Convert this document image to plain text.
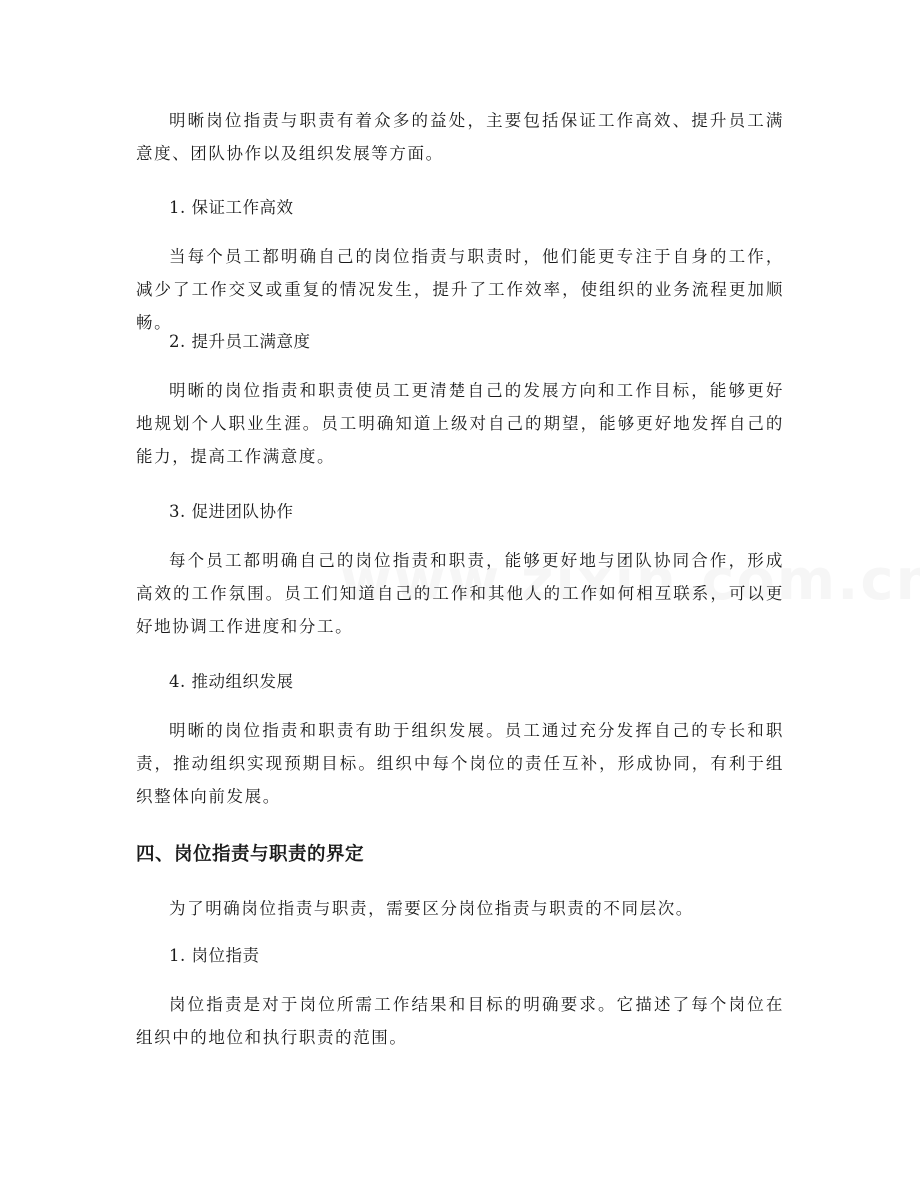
明晰岗位指责与职责有着众多的益处，主要包括保证工作高效、提升员工满意度、团队协作以及组织发展等方面。

1. 保证工作高效

当每个员工都明确自己的岗位指责与职责时，他们能更专注于自身的工作，减少了工作交叉或重复的情况发生，提升了工作效率，使组织的业务流程更加顺畅。

2. 提升员工满意度

明晰的岗位指责和职责使员工更清楚自己的发展方向和工作目标，能够更好地规划个人职业生涯。员工明确知道上级对自己的期望，能够更好地发挥自己的能力，提高工作满意度。

3. 促进团队协作

每个员工都明确自己的岗位指责和职责，能够更好地与团队协同合作，形成高效的工作氛围。员工们知道自己的工作和其他人的工作如何相互联系，可以更好地协调工作进度和分工。

4. 推动组织发展

明晰的岗位指责和职责有助于组织发展。员工通过充分发挥自己的专长和职责，推动组织实现预期目标。组织中每个岗位的责任互补，形成协同，有利于组织整体向前发展。

四、岗位指责与职责的界定

为了明确岗位指责与职责，需要区分岗位指责与职责的不同层次。

1. 岗位指责

岗位指责是对于岗位所需工作结果和目标的明确要求。它描述了每个岗位在组织中的地位和执行职责的范围。
